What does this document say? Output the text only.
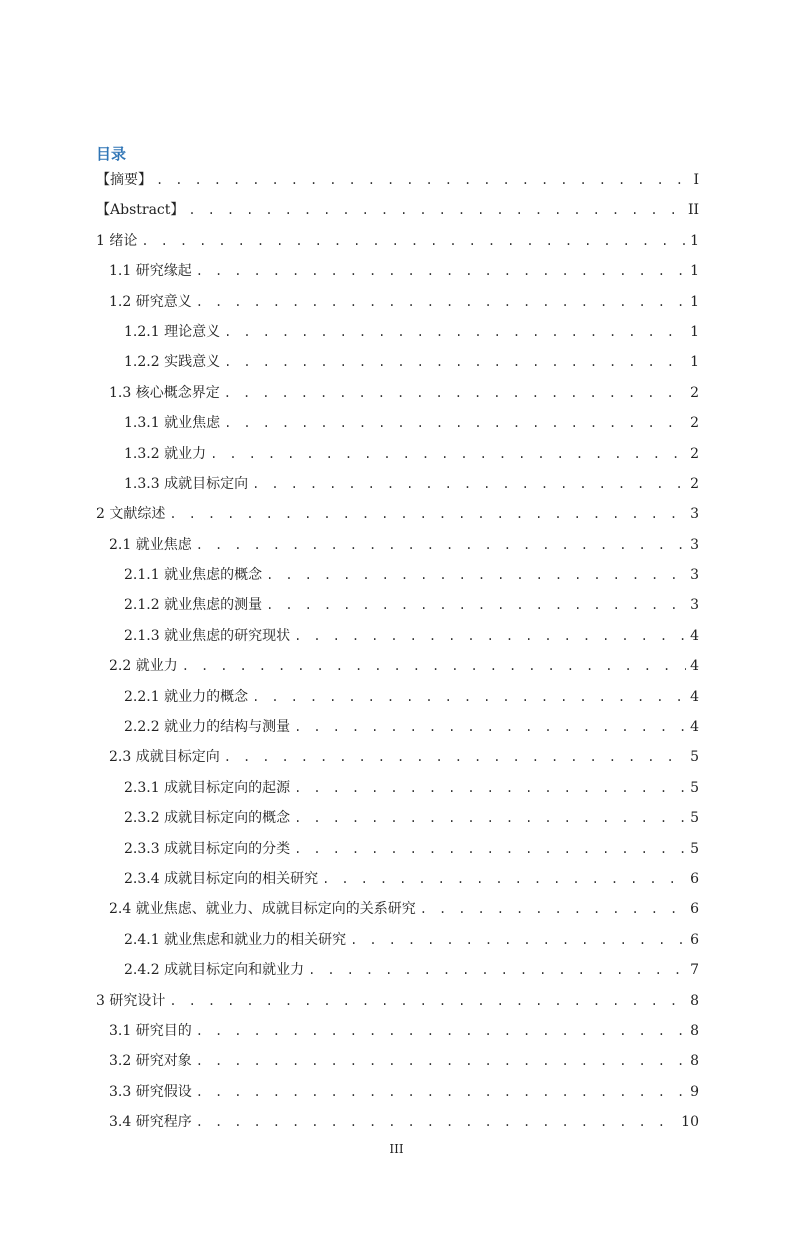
目录
【摘要】 . . .	I
【Abstract】 . . .	II
1 绪论 . . .	1
1.1 研究缘起 . . .	1
1.2 研究意义 . . .	1
1.2.1 理论意义 . . .	1
1.2.2 实践意义 . . .	1
1.3 核心概念界定 . . .	2
1.3.1 就业焦虑 . . .	2
1.3.2 就业力 . . .	2
1.3.3 成就目标定向 . . .	2
2 文献综述 . . .	3
2.1 就业焦虑 . . .	3
2.1.1 就业焦虑的概念 . . .	3
2.1.2 就业焦虑的测量 . . .	3
2.1.3 就业焦虑的研究现状 . . .	4
2.2 就业力 . . .	4
2.2.1 就业力的概念 . . .	4
2.2.2 就业力的结构与测量 . . .	4
2.3 成就目标定向 . . .	5
2.3.1 成就目标定向的起源 . . .	5
2.3.2 成就目标定向的概念 . . .	5
2.3.3 成就目标定向的分类 . . .	5
2.3.4 成就目标定向的相关研究 . . .	6
2.4 就业焦虑、就业力、成就目标定向的关系研究 . . .	6
2.4.1 就业焦虑和就业力的相关研究 . . .	6
2.4.2 成就目标定向和就业力 . . .	7
3 研究设计 . . .	8
3.1 研究目的 . . .	8
3.2 研究对象 . . .	8
3.3 研究假设 . . .	9
3.4 研究程序 . . .	10
III
